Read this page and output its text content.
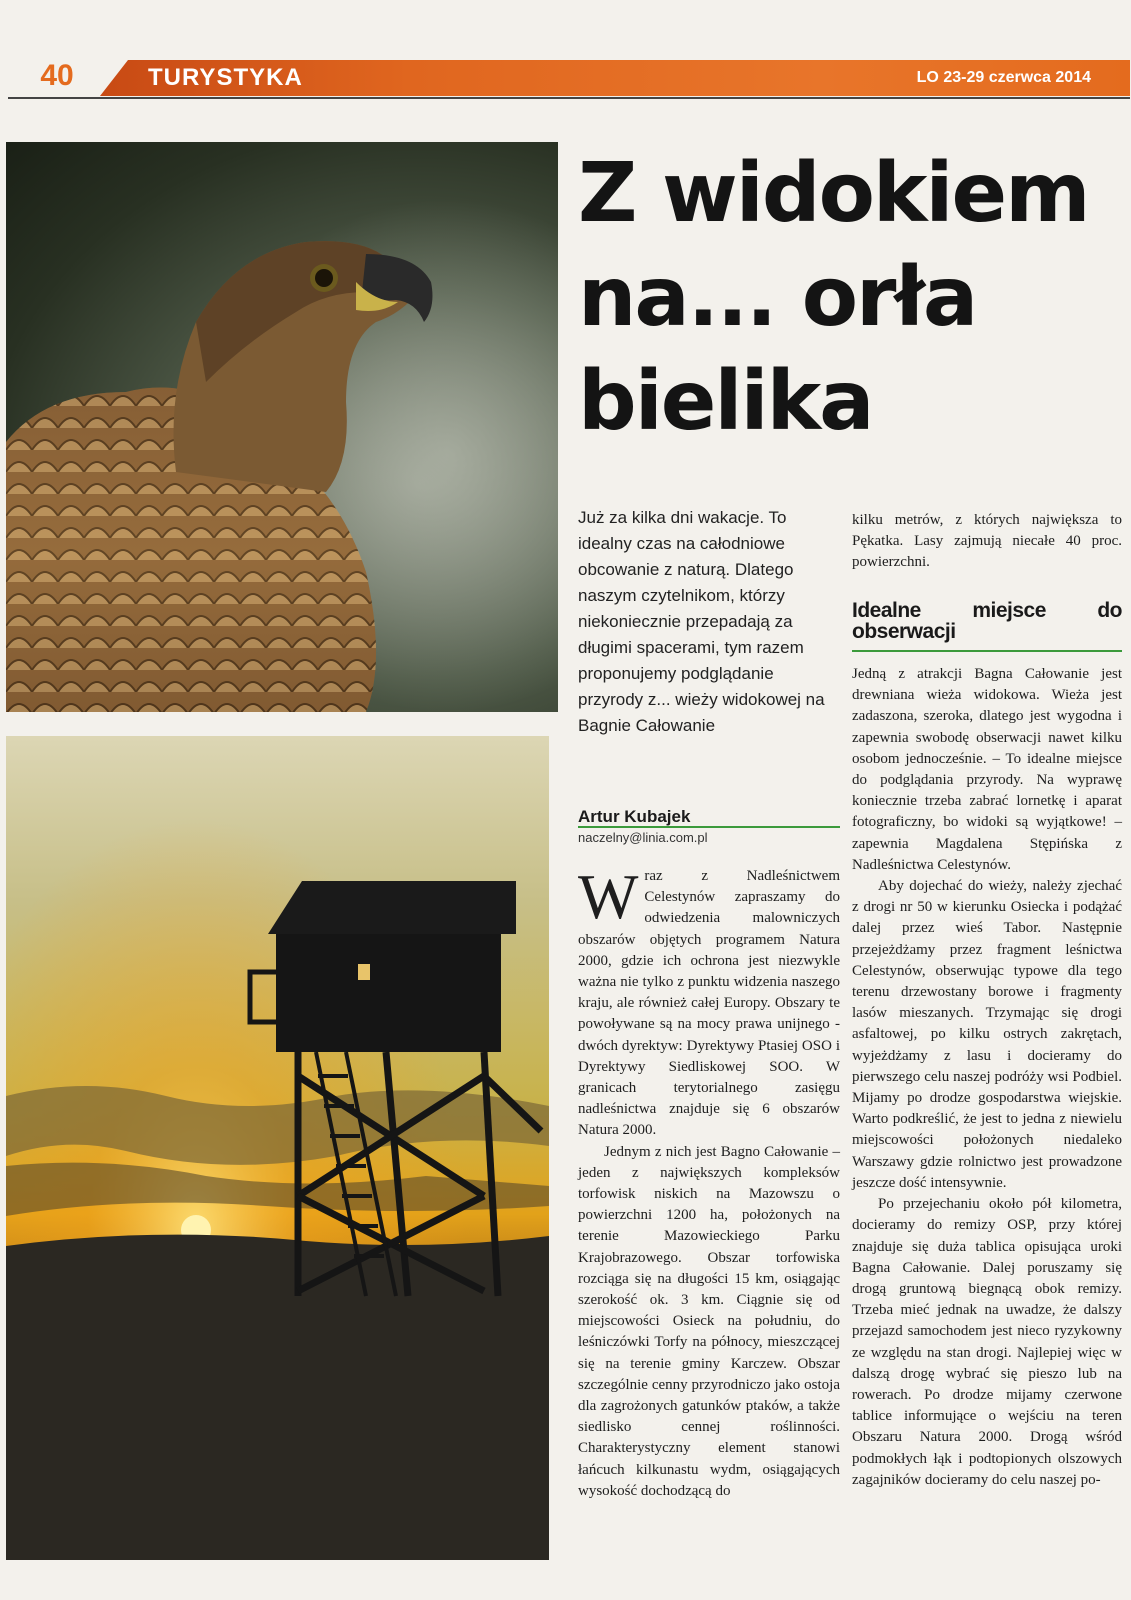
40	TURYSTYKA	LO 23-29 czerwca 2014
Z widokiem
na... orła
bielika

Już za kilka dni wakacje. To idealny czas na całodniowe obcowanie z naturą. Dlatego naszym czytelnikom, którzy niekoniecznie przepadają za długimi spacerami, tym razem proponujemy podglądanie przyrody z... wieży widokowej na Bagnie Całowanie

Artur Kubajek
naczelny@linia.com.pl

Wraz z Nadleśnictwem Celestynów zapraszamy do odwiedzenia malowniczych obszarów objętych programem Natura 2000, gdzie ich ochrona jest niezwykle ważna nie tylko z punktu widzenia naszego kraju, ale również całej Europy. Obszary te powoływane są na mocy prawa unijnego - dwóch dyrektyw: Dyrektywy Ptasiej OSO i Dyrektywy Siedliskowej SOO. W granicach terytorialnego zasięgu nadleśnictwa znajduje się 6 obszarów Natura 2000.

Jednym z nich jest Bagno Całowanie – jeden z największych kompleksów torfowisk niskich na Mazowszu o powierzchni 1200 ha, położonych na terenie Mazowieckiego Parku Krajobrazowego. Obszar torfowiska rozciąga się na długości 15 km, osiągając szerokość ok. 3 km. Ciągnie się od miejscowości Osieck na południu, do leśniczówki Torfy na północy, mieszczącej się na terenie gminy Karczew. Obszar szczególnie cenny przyrodniczo jako ostoja dla zagrożonych gatunków ptaków, a także siedlisko cennej roślinności. Charakterystyczny element stanowi łańcuch kilkunastu wydm, osiągających wysokość dochodzącą do

kilku metrów, z których największa to Pękatka. Lasy zajmują niecałe 40 proc. powierzchni.

Idealne miejsce do obserwacji

Jedną z atrakcji Bagna Całowanie jest drewniana wieża widokowa. Wieża jest zadaszona, szeroka, dlatego jest wygodna i zapewnia swobodę obserwacji nawet kilku osobom jednocześnie. – To idealne miejsce do podglądania przyrody. Na wyprawę koniecznie trzeba zabrać lornetkę i aparat fotograficzny, bo widoki są wyjątkowe! – zapewnia Magdalena Stępińska z Nadleśnictwa Celestynów.

Aby dojechać do wieży, należy zjechać z drogi nr 50 w kierunku Osiecka i podążać dalej przez wieś Tabor. Następnie przejeżdżamy przez fragment leśnictwa Celestynów, obserwując typowe dla tego terenu drzewostany borowe i fragmenty lasów mieszanych. Trzymając się drogi asfaltowej, po kilku ostrych zakrętach, wyjeżdżamy z lasu i docieramy do pierwszego celu naszej podróży wsi Podbiel. Mijamy po drodze gospodarstwa wiejskie. Warto podkreślić, że jest to jedna z niewielu miejscowości położonych niedaleko Warszawy gdzie rolnictwo jest prowadzone jeszcze dość intensywnie.

Po przejechaniu około pół kilometra, docieramy do remizy OSP, przy której znajduje się duża tablica opisująca uroki Bagna Całowanie. Dalej poruszamy się drogą gruntową biegnącą obok remizy. Trzeba mieć jednak na uwadze, że dalszy przejazd samochodem jest nieco ryzykowny ze względu na stan drogi. Najlepiej więc w dalszą drogę wybrać się pieszo lub na rowerach. Po drodze mijamy czerwone tablice informujące o wejściu na teren Obszaru Natura 2000. Drogą wśród podmokłych łąk i podtopionych olszowych zagajników docieramy do celu naszej po-
